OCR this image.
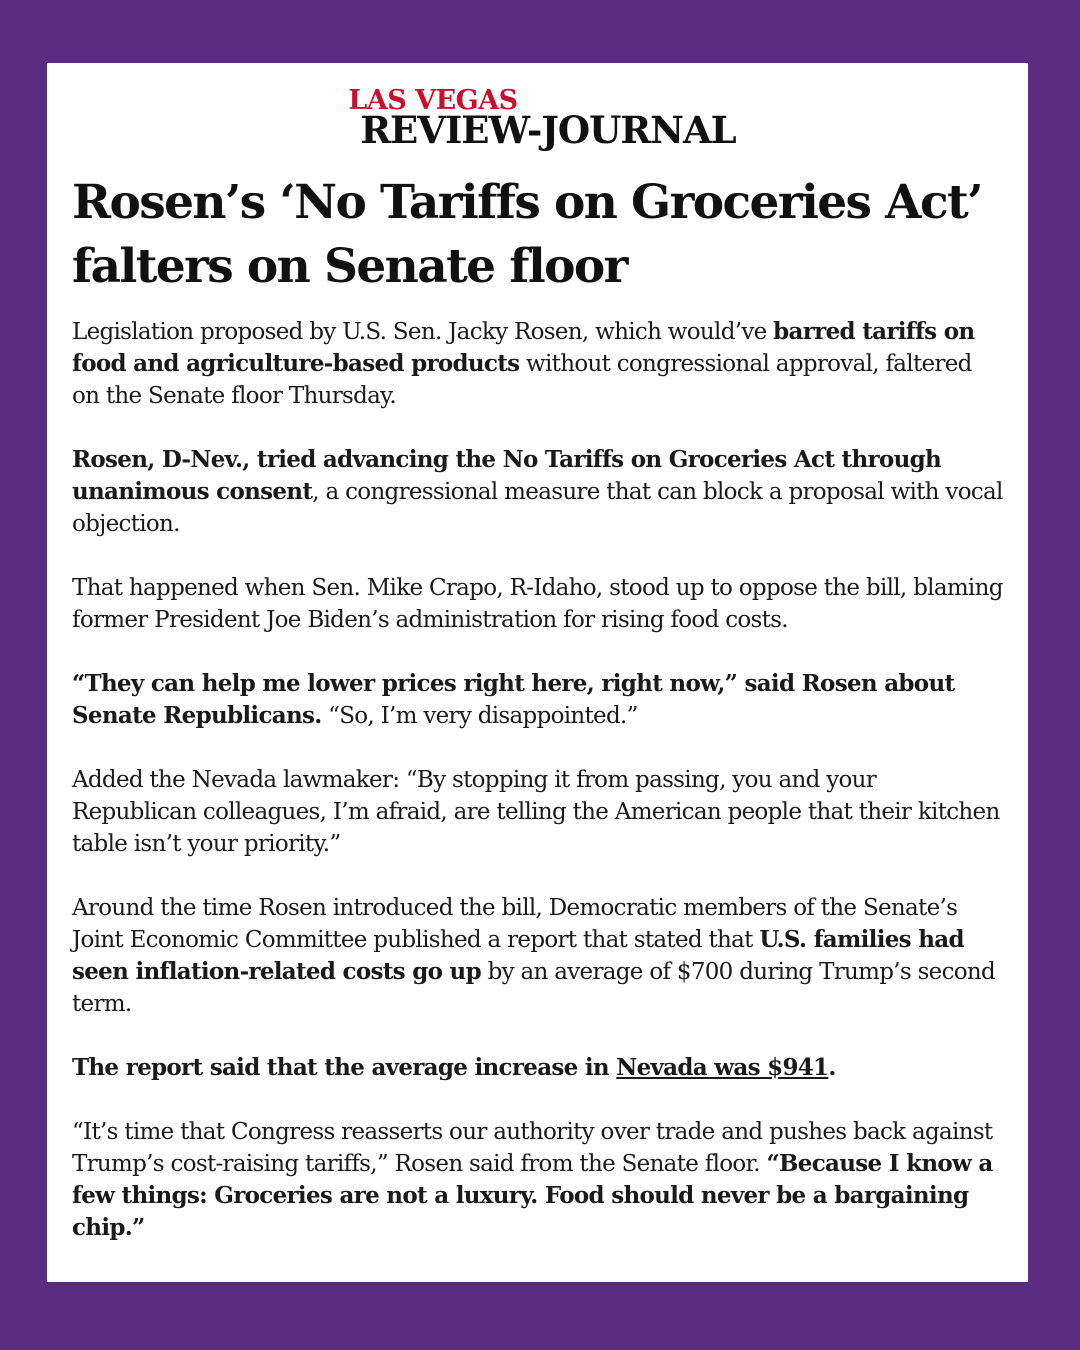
LAS VEGAS
REVIEW-JOURNAL
Rosen’s ‘No Tariffs on Groceries Act’
falters on Senate floor

Legislation proposed by U.S. Sen. Jacky Rosen, which would’ve barred tariffs on food and agriculture-based products without congressional approval, faltered on the Senate floor Thursday.

Rosen, D-Nev., tried advancing the No Tariffs on Groceries Act through unanimous consent, a congressional measure that can block a proposal with vocal objection.

That happened when Sen. Mike Crapo, R-Idaho, stood up to oppose the bill, blaming former President Joe Biden’s administration for rising food costs.

“They can help me lower prices right here, right now,” said Rosen about Senate Republicans. “So, I’m very disappointed.”

Added the Nevada lawmaker: “By stopping it from passing, you and your Republican colleagues, I’m afraid, are telling the American people that their kitchen table isn’t your priority.”

Around the time Rosen introduced the bill, Democratic members of the Senate’s Joint Economic Committee published a report that stated that U.S. families had seen inflation-related costs go up by an average of $700 during Trump’s second term.

The report said that the average increase in Nevada was $941.

“It’s time that Congress reasserts our authority over trade and pushes back against Trump’s cost-raising tariffs,” Rosen said from the Senate floor. “Because I know a few things: Groceries are not a luxury. Food should never be a bargaining chip.”
